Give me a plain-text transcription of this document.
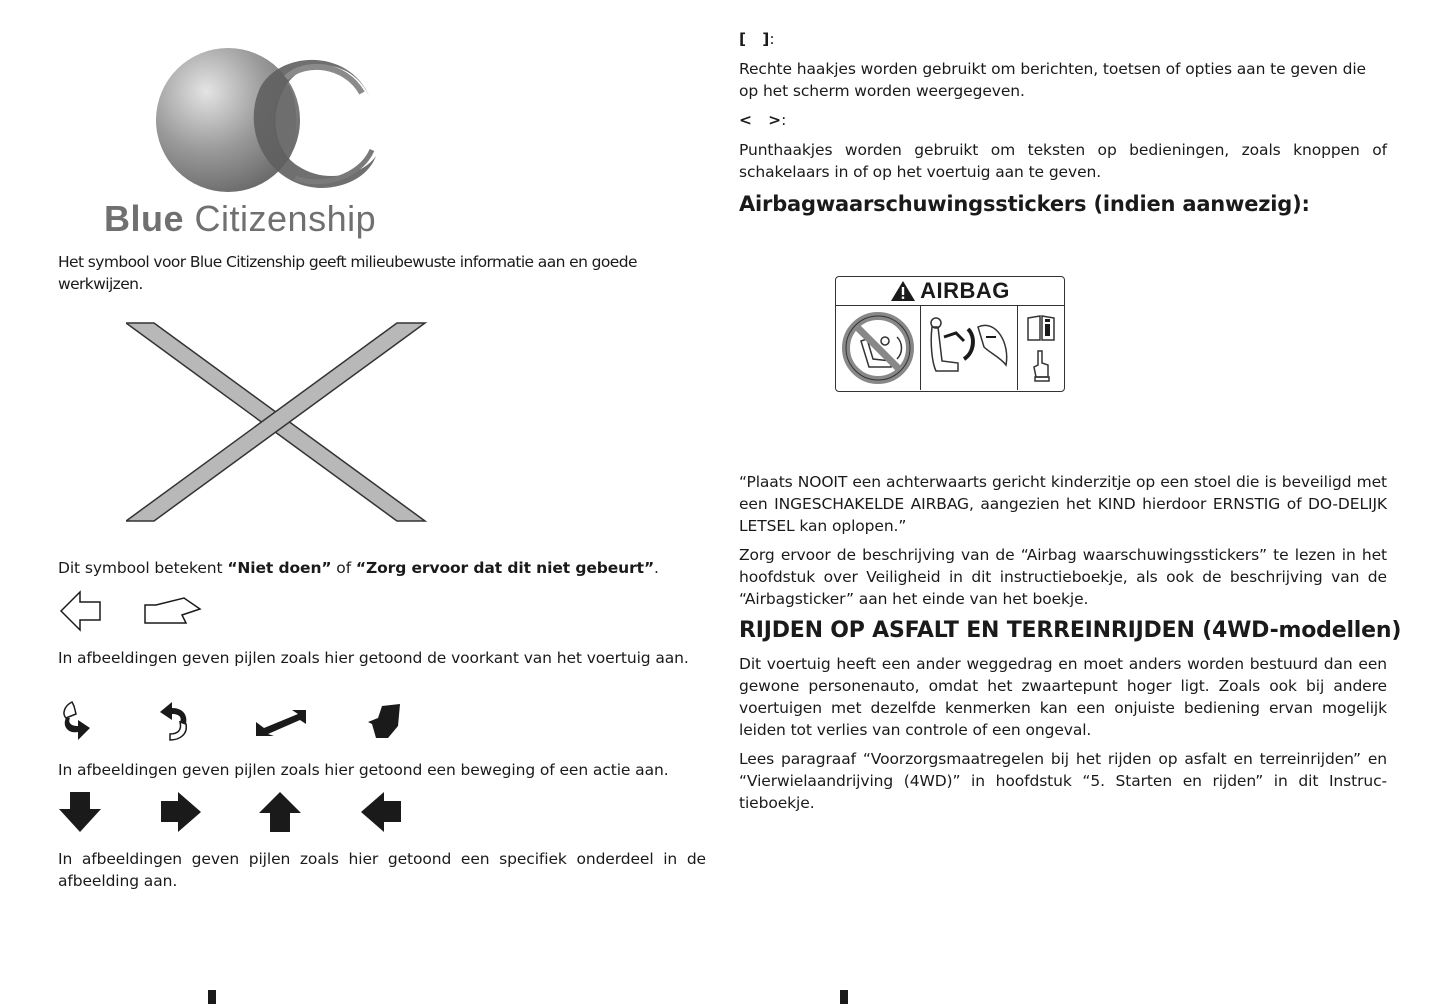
Blue Citizenship

Het symbool voor Blue Citizenship geeft milieubewuste informatie aan en goede werkwijzen.

Dit symbool betekent “Niet doen” of “Zorg ervoor dat dit niet gebeurt”.

In afbeeldingen geven pijlen zoals hier getoond de voorkant van het voertuig aan.

In afbeeldingen geven pijlen zoals hier getoond een beweging of een actie aan.

In afbeeldingen geven pijlen zoals hier getoond een specifiek onderdeel in de afbeelding aan.

[   ]:

Rechte haakjes worden gebruikt om berichten, toetsen of opties aan te geven die op het scherm worden weergegeven.

<   >:

Punthaakjes worden gebruikt om teksten op bedieningen, zoals knoppen of schakelaars in of op het voertuig aan te geven.

Airbagwaarschuwingsstickers (indien aanwezig):
AIRBAG

“Plaats NOOIT een achterwaarts gericht kinderzitje op een stoel die is beveiligd met een INGESCHAKELDE AIRBAG, aangezien het KIND hierdoor ERNSTIG of DO-DELIJK LETSEL kan oplopen.”

Zorg ervoor de beschrijving van de “Airbag waarschuwingsstickers” te lezen in het hoofdstuk over Veiligheid in dit instructieboekje, als ook de beschrijving van de “Airbagsticker” aan het einde van het boekje.

RIJDEN OP ASFALT EN TERREINRIJDEN (4WD-modellen)

Dit voertuig heeft een ander weggedrag en moet anders worden bestuurd dan een gewone personenauto, omdat het zwaartepunt hoger ligt. Zoals ook bij andere voertuigen met dezelfde kenmerken kan een onjuiste bediening ervan mogelijk leiden tot verlies van controle of een ongeval.

Lees paragraaf “Voorzorgsmaatregelen bij het rijden op asfalt en terreinrijden” en “Vierwielaandrijving (4WD)” in hoofdstuk “5. Starten en rijden” in dit Instruc-tieboekje.
